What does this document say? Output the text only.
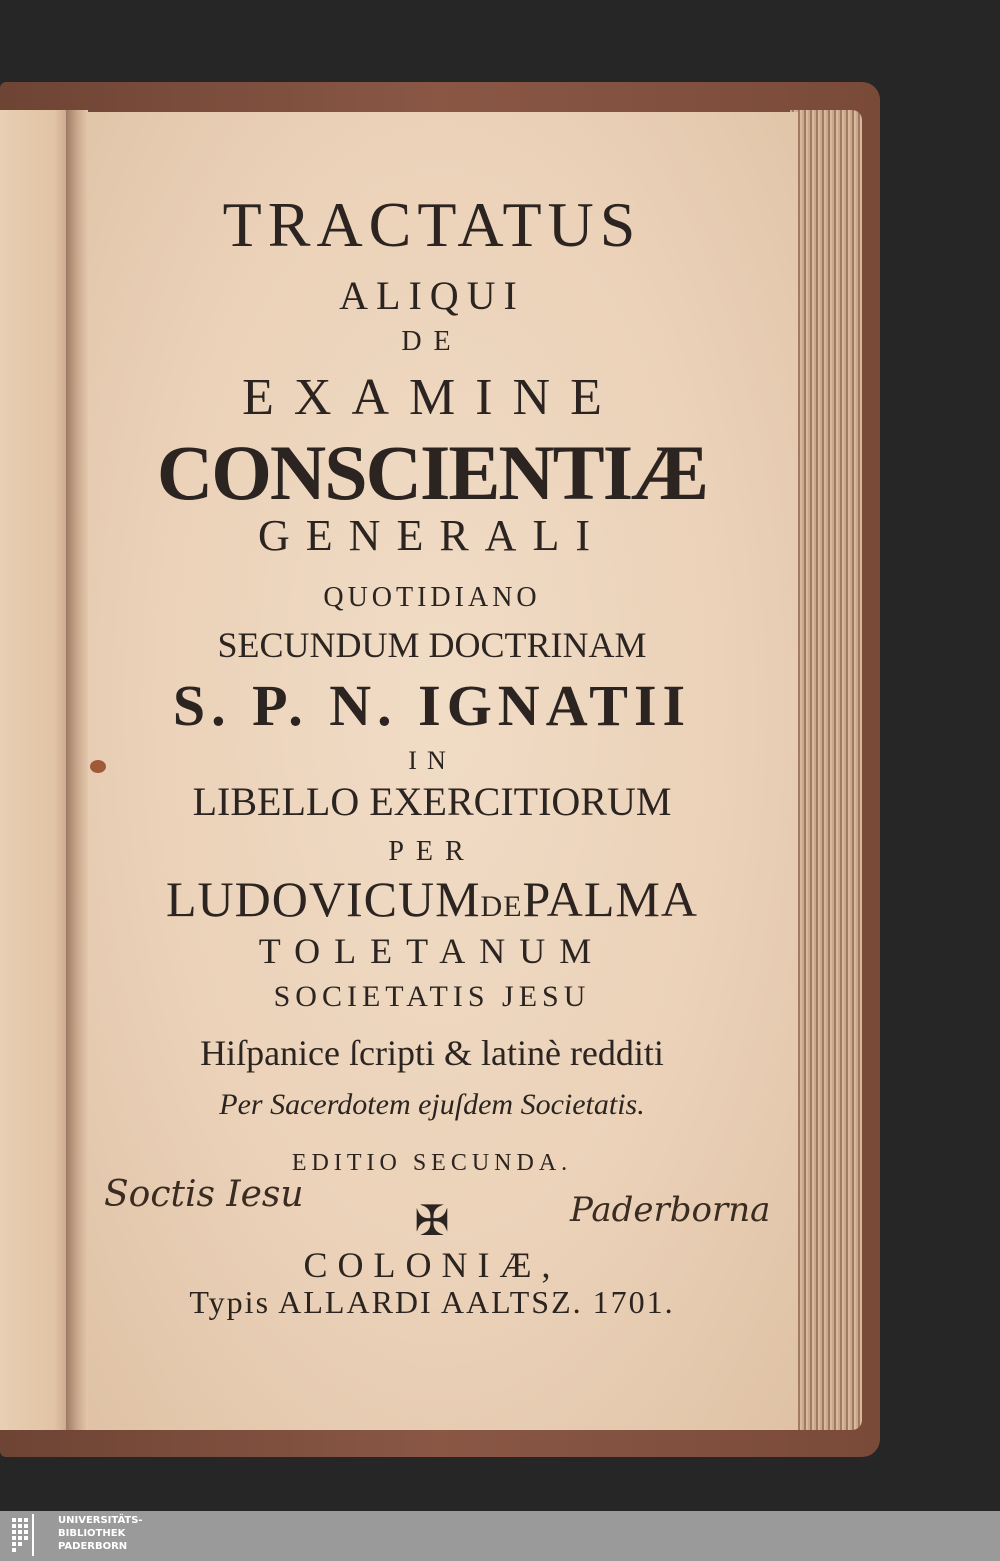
TRACTATUS
ALIQUI
DE
EXAMINE
CONSCIENTIÆ
GENERALI
QUOTIDIANO
SECUNDUM DOCTRINAM
S. P. N. IGNATII
IN
LIBELLO EXERCITIORUM
PER
LUDOVICUMDEPALMA
TOLETANUM
SOCIETATIS JESU
Hiſpanice ſcripti & latinè redditi
Per Sacerdotem ejuſdem Societatis.
EDITIO SECUNDA.
✠
COLONIÆ,
Typis ALLARDI AALTSZ. 1701.
Soctis Iesu	Paderborna
UNIVERSITÄTS-
BIBLIOTHEK
PADERBORN
